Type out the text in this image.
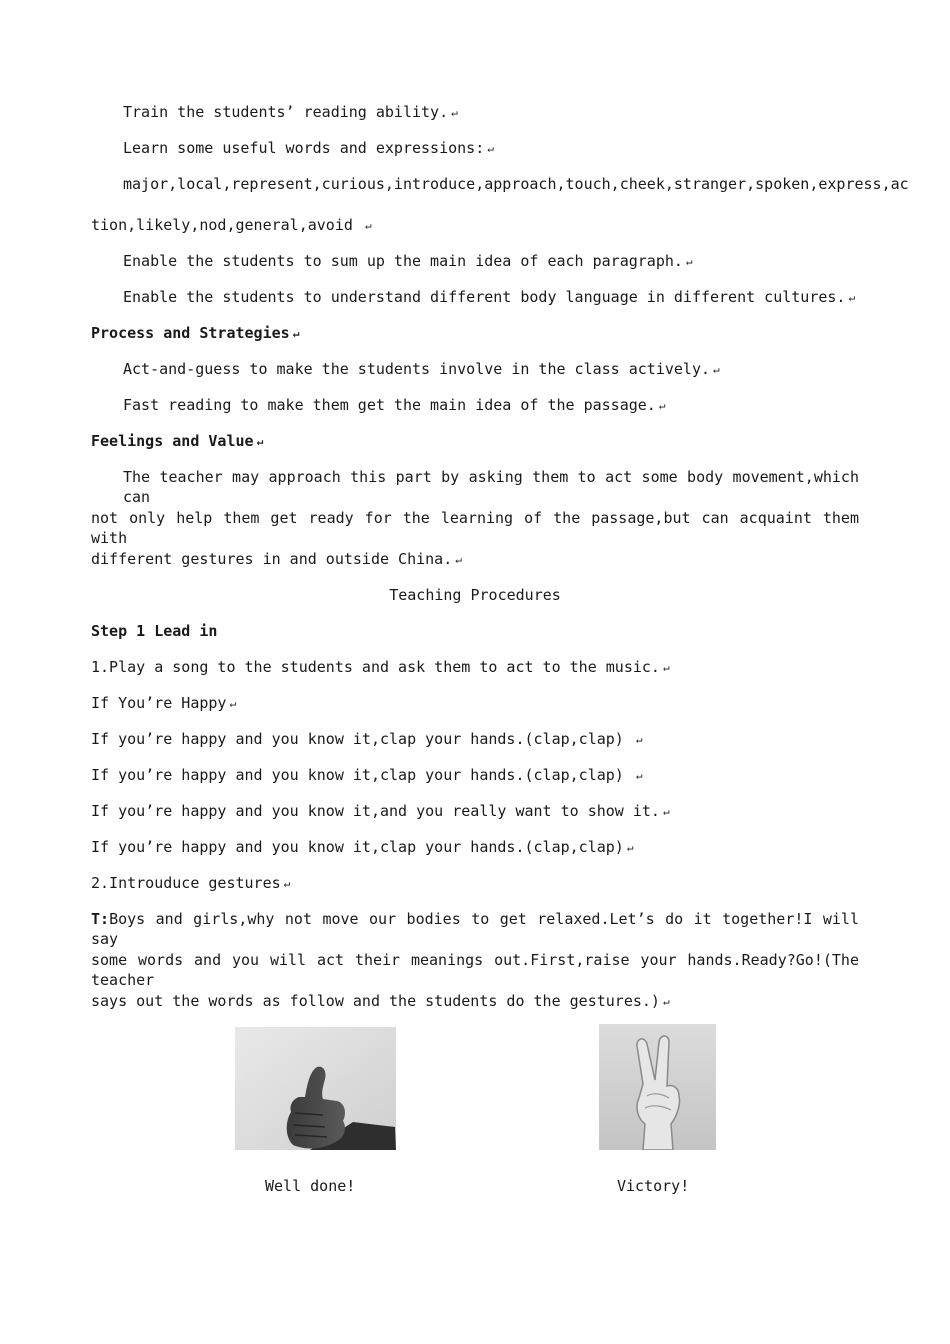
Train the students’ reading ability. ↵
Learn some useful words and expressions: ↵
major,local,represent,curious,introduce,approach,touch,cheek,stranger,spoken,express,ac
tion,likely,nod,general,avoid ↵
Enable the students to sum up the main idea of each paragraph. ↵
Enable the students to understand different body language in different cultures. ↵
Process and Strategies ↵
Act-and-guess to make the students involve in the class actively. ↵
Fast reading to make them get the main idea of the passage. ↵
Feelings and Value ↵
The teacher may approach this part by asking them to act some body movement,which can
not only help them get ready for the learning of the passage,but can acquaint them with
different gestures in and outside China. ↵
Teaching Procedures
Step 1 Lead in
1.Play a song to the students and ask them to act to the music. ↵
If You’re Happy ↵
If you’re happy and you know it,clap your hands.(clap,clap) ↵
If you’re happy and you know it,clap your hands.(clap,clap) ↵
If you’re happy and you know it,and you really want to show it. ↵
If you’re happy and you know it,clap your hands.(clap,clap) ↵
2.Introuduce gestures ↵
T:Boys and girls,why not move our bodies to get relaxed.Let’s do it together!I will say
some words and you will act their meanings out.First,raise your hands.Ready?Go!(The teacher
says out the words as follow and the students do the gestures.) ↵
Well done!	Victory!
